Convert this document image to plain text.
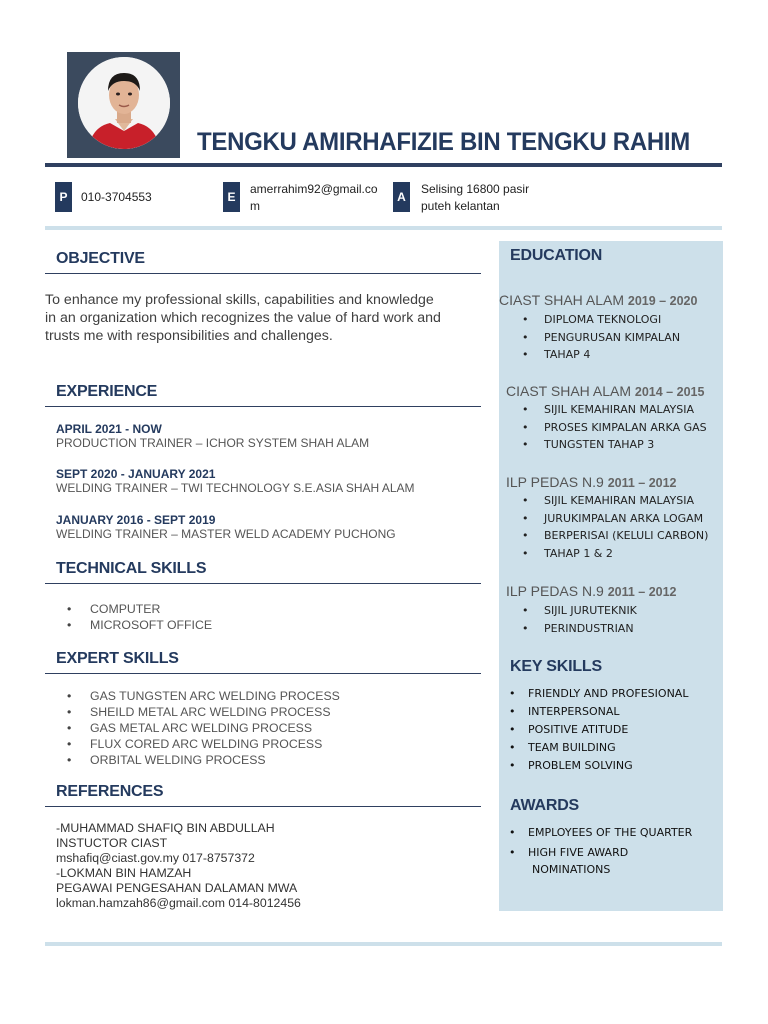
TENGKU AMIRHAFIZIE BIN TENGKU RAHIM
P	010-3704553	E
amerrahim92@gmail.co
m
A
Selising 16800 pasir
puteh kelantan
OBJECTIVE
To enhance my professional skills, capabilities and knowledge
in an organization which recognizes the value of hard work and
trusts me with responsibilities and challenges.
EXPERIENCE
APRIL 2021 - NOW
PRODUCTION TRAINER – ICHOR SYSTEM SHAH ALAM
SEPT 2020 - JANUARY 2021
WELDING TRAINER – TWI TECHNOLOGY S.E.ASIA SHAH ALAM
JANUARY 2016 - SEPT 2019
WELDING TRAINER – MASTER WELD ACADEMY PUCHONG
TECHNICAL SKILLS
• COMPUTER
• MICROSOFT OFFICE
EXPERT SKILLS
• GAS TUNGSTEN ARC WELDING PROCESS
• SHEILD METAL ARC WELDING PROCESS
• GAS METAL ARC WELDING PROCESS
• FLUX CORED ARC WELDING PROCESS
• ORBITAL WELDING PROCESS
REFERENCES
-MUHAMMAD SHAFIQ BIN ABDULLAH
INSTUCTOR CIAST
mshafiq@ciast.gov.my 017-8757372
-LOKMAN BIN HAMZAH
PEGAWAI PENGESAHAN DALAMAN MWA
lokman.hamzah86@gmail.com 014-8012456
EDUCATION
CIAST SHAH ALAM 2019 – 2020
• DIPLOMA TEKNOLOGI
• PENGURUSAN KIMPALAN
• TAHAP 4
CIAST SHAH ALAM 2014 – 2015
• SIJIL KEMAHIRAN MALAYSIA
• PROSES KIMPALAN ARKA GAS
• TUNGSTEN TAHAP 3
ILP PEDAS N.9 2011 – 2012
• SIJIL KEMAHIRAN MALAYSIA
• JURUKIMPALAN ARKA LOGAM
• BERPERISAI (KELULI CARBON)
• TAHAP 1 & 2
ILP PEDAS N.9 2011 – 2012
• SIJIL JURUTEKNIK
• PERINDUSTRIAN
KEY SKILLS
• FRIENDLY AND PROFESIONAL
• INTERPERSONAL
• POSITIVE ATITUDE
• TEAM BUILDING
• PROBLEM SOLVING
AWARDS
• EMPLOYEES OF THE QUARTER
• HIGH FIVE AWARD
NOMINATIONS
